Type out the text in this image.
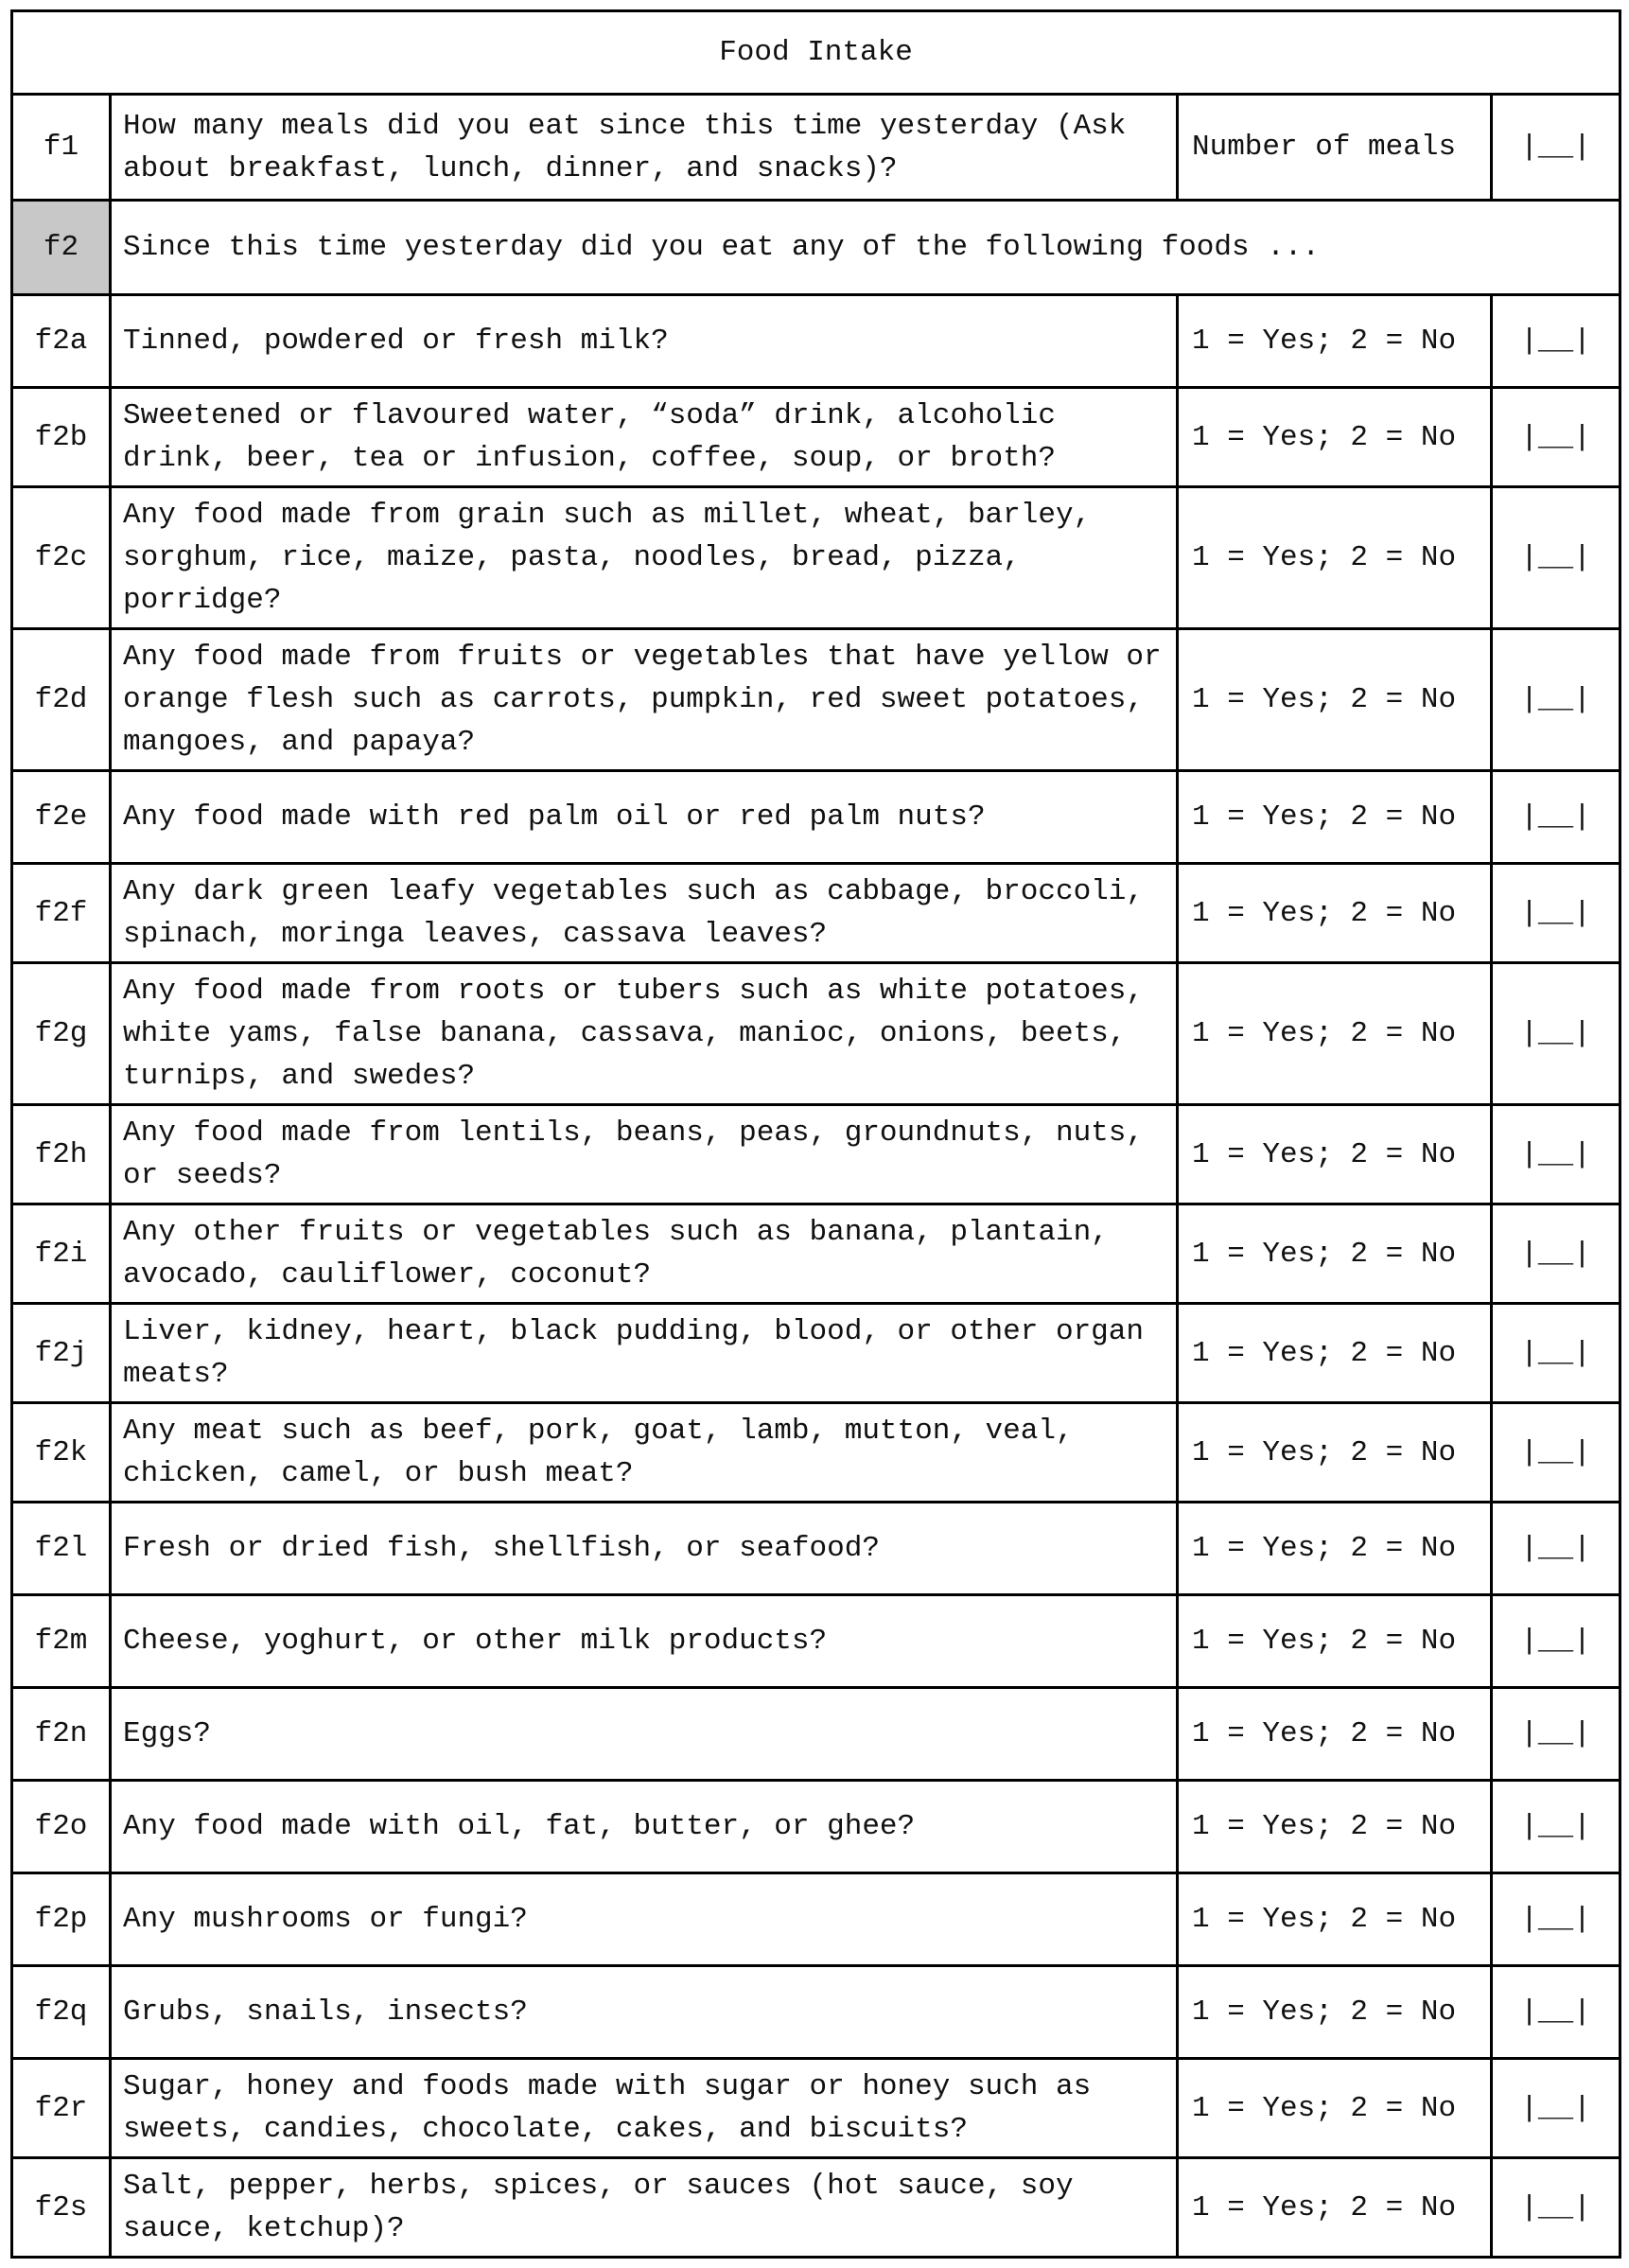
Food Intake			
f1	How many meals did you eat since this time yesterday (Ask about breakfast, lunch, dinner, and snacks)?	Number of meals	|__|
f2	Since this time yesterday did you eat any of the following foods ...		
f2a	Tinned, powdered or fresh milk?	1 = Yes; 2 = No	|__|
f2b	Sweetened or flavoured water, “soda” drink, alcoholic drink, beer, tea or infusion, coffee, soup, or broth?	1 = Yes; 2 = No	|__|
f2c	Any food made from grain such as millet, wheat, barley, sorghum, rice, maize, pasta, noodles, bread, pizza, porridge?	1 = Yes; 2 = No	|__|
f2d	Any food made from fruits or vegetables that have yellow or orange flesh such as carrots, pumpkin, red sweet potatoes, mangoes, and papaya?	1 = Yes; 2 = No	|__|
f2e	Any food made with red palm oil or red palm nuts?	1 = Yes; 2 = No	|__|
f2f	Any dark green leafy vegetables such as cabbage, broccoli, spinach, moringa leaves, cassava leaves?	1 = Yes; 2 = No	|__|
f2g	Any food made from roots or tubers such as white potatoes, white yams, false banana, cassava, manioc, onions, beets, turnips, and swedes?	1 = Yes; 2 = No	|__|
f2h	Any food made from lentils, beans, peas, groundnuts, nuts, or seeds?	1 = Yes; 2 = No	|__|
f2i	Any other fruits or vegetables such as banana, plantain, avocado, cauliflower, coconut?	1 = Yes; 2 = No	|__|
f2j	Liver, kidney, heart, black pudding, blood, or other organ meats?	1 = Yes; 2 = No	|__|
f2k	Any meat such as beef, pork, goat, lamb, mutton, veal, chicken, camel, or bush meat?	1 = Yes; 2 = No	|__|
f2l	Fresh or dried fish, shellfish, or seafood?	1 = Yes; 2 = No	|__|
f2m	Cheese, yoghurt, or other milk products?	1 = Yes; 2 = No	|__|
f2n	Eggs?	1 = Yes; 2 = No	|__|
f2o	Any food made with oil, fat, butter, or ghee?	1 = Yes; 2 = No	|__|
f2p	Any mushrooms or fungi?	1 = Yes; 2 = No	|__|
f2q	Grubs, snails, insects?	1 = Yes; 2 = No	|__|
f2r	Sugar, honey and foods made with sugar or honey such as sweets, candies, chocolate, cakes, and biscuits?	1 = Yes; 2 = No	|__|
f2s	Salt, pepper, herbs, spices, or sauces (hot sauce, soy sauce, ketchup)?	1 = Yes; 2 = No	|__|
